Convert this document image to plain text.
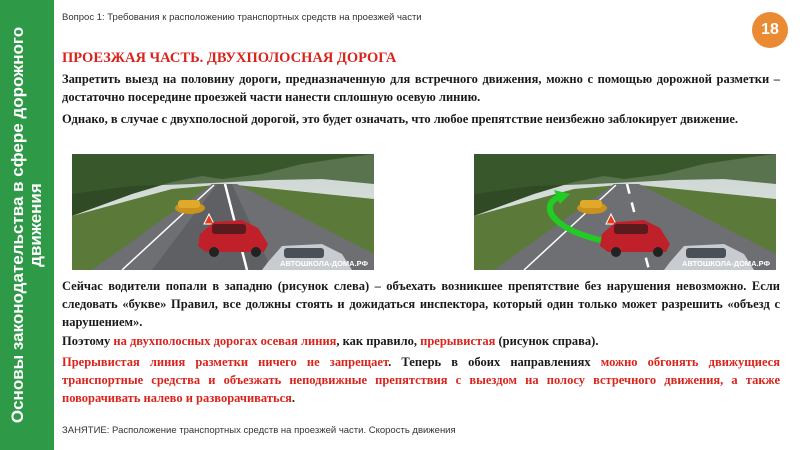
Основы законодательства в сфере дорожного движения
Вопрос 1: Требования к расположению транспортных средств на проезжей части
18
ПРОЕЗЖАЯ ЧАСТЬ. ДВУХПОЛОСНАЯ ДОРОГА
Запретить выезд на половину дороги, предназначенную для встречного движения, можно с помощью дорожной разметки – достаточно посередине проезжей части нанести сплошную осевую линию.
Однако, в случае с двухполосной дорогой, это будет означать, что любое препятствие неизбежно заблокирует движение.
АВТОШКОЛА-ДОМА.РФ	АВТОШКОЛА-ДОМА.РФ
Сейчас водители попали в западню (рисунок слева) – объехать возникшее препятствие без нарушения невозможно. Если следовать «букве» Правил, все должны стоять и дожидаться инспектора, который один только может разрешить «объезд с нарушением».
Поэтому на двухполосных дорогах осевая линия, как правило, прерывистая (рисунок справа).
Прерывистая линия разметки ничего не запрещает. Теперь в обоих направлениях можно обгонять движущиеся транспортные средства и объезжать неподвижные препятствия с выездом на полосу встречного движения, а также поворачивать налево и разворачиваться.
ЗАНЯТИЕ: Расположение транспортных средств на проезжей части. Скорость движения
